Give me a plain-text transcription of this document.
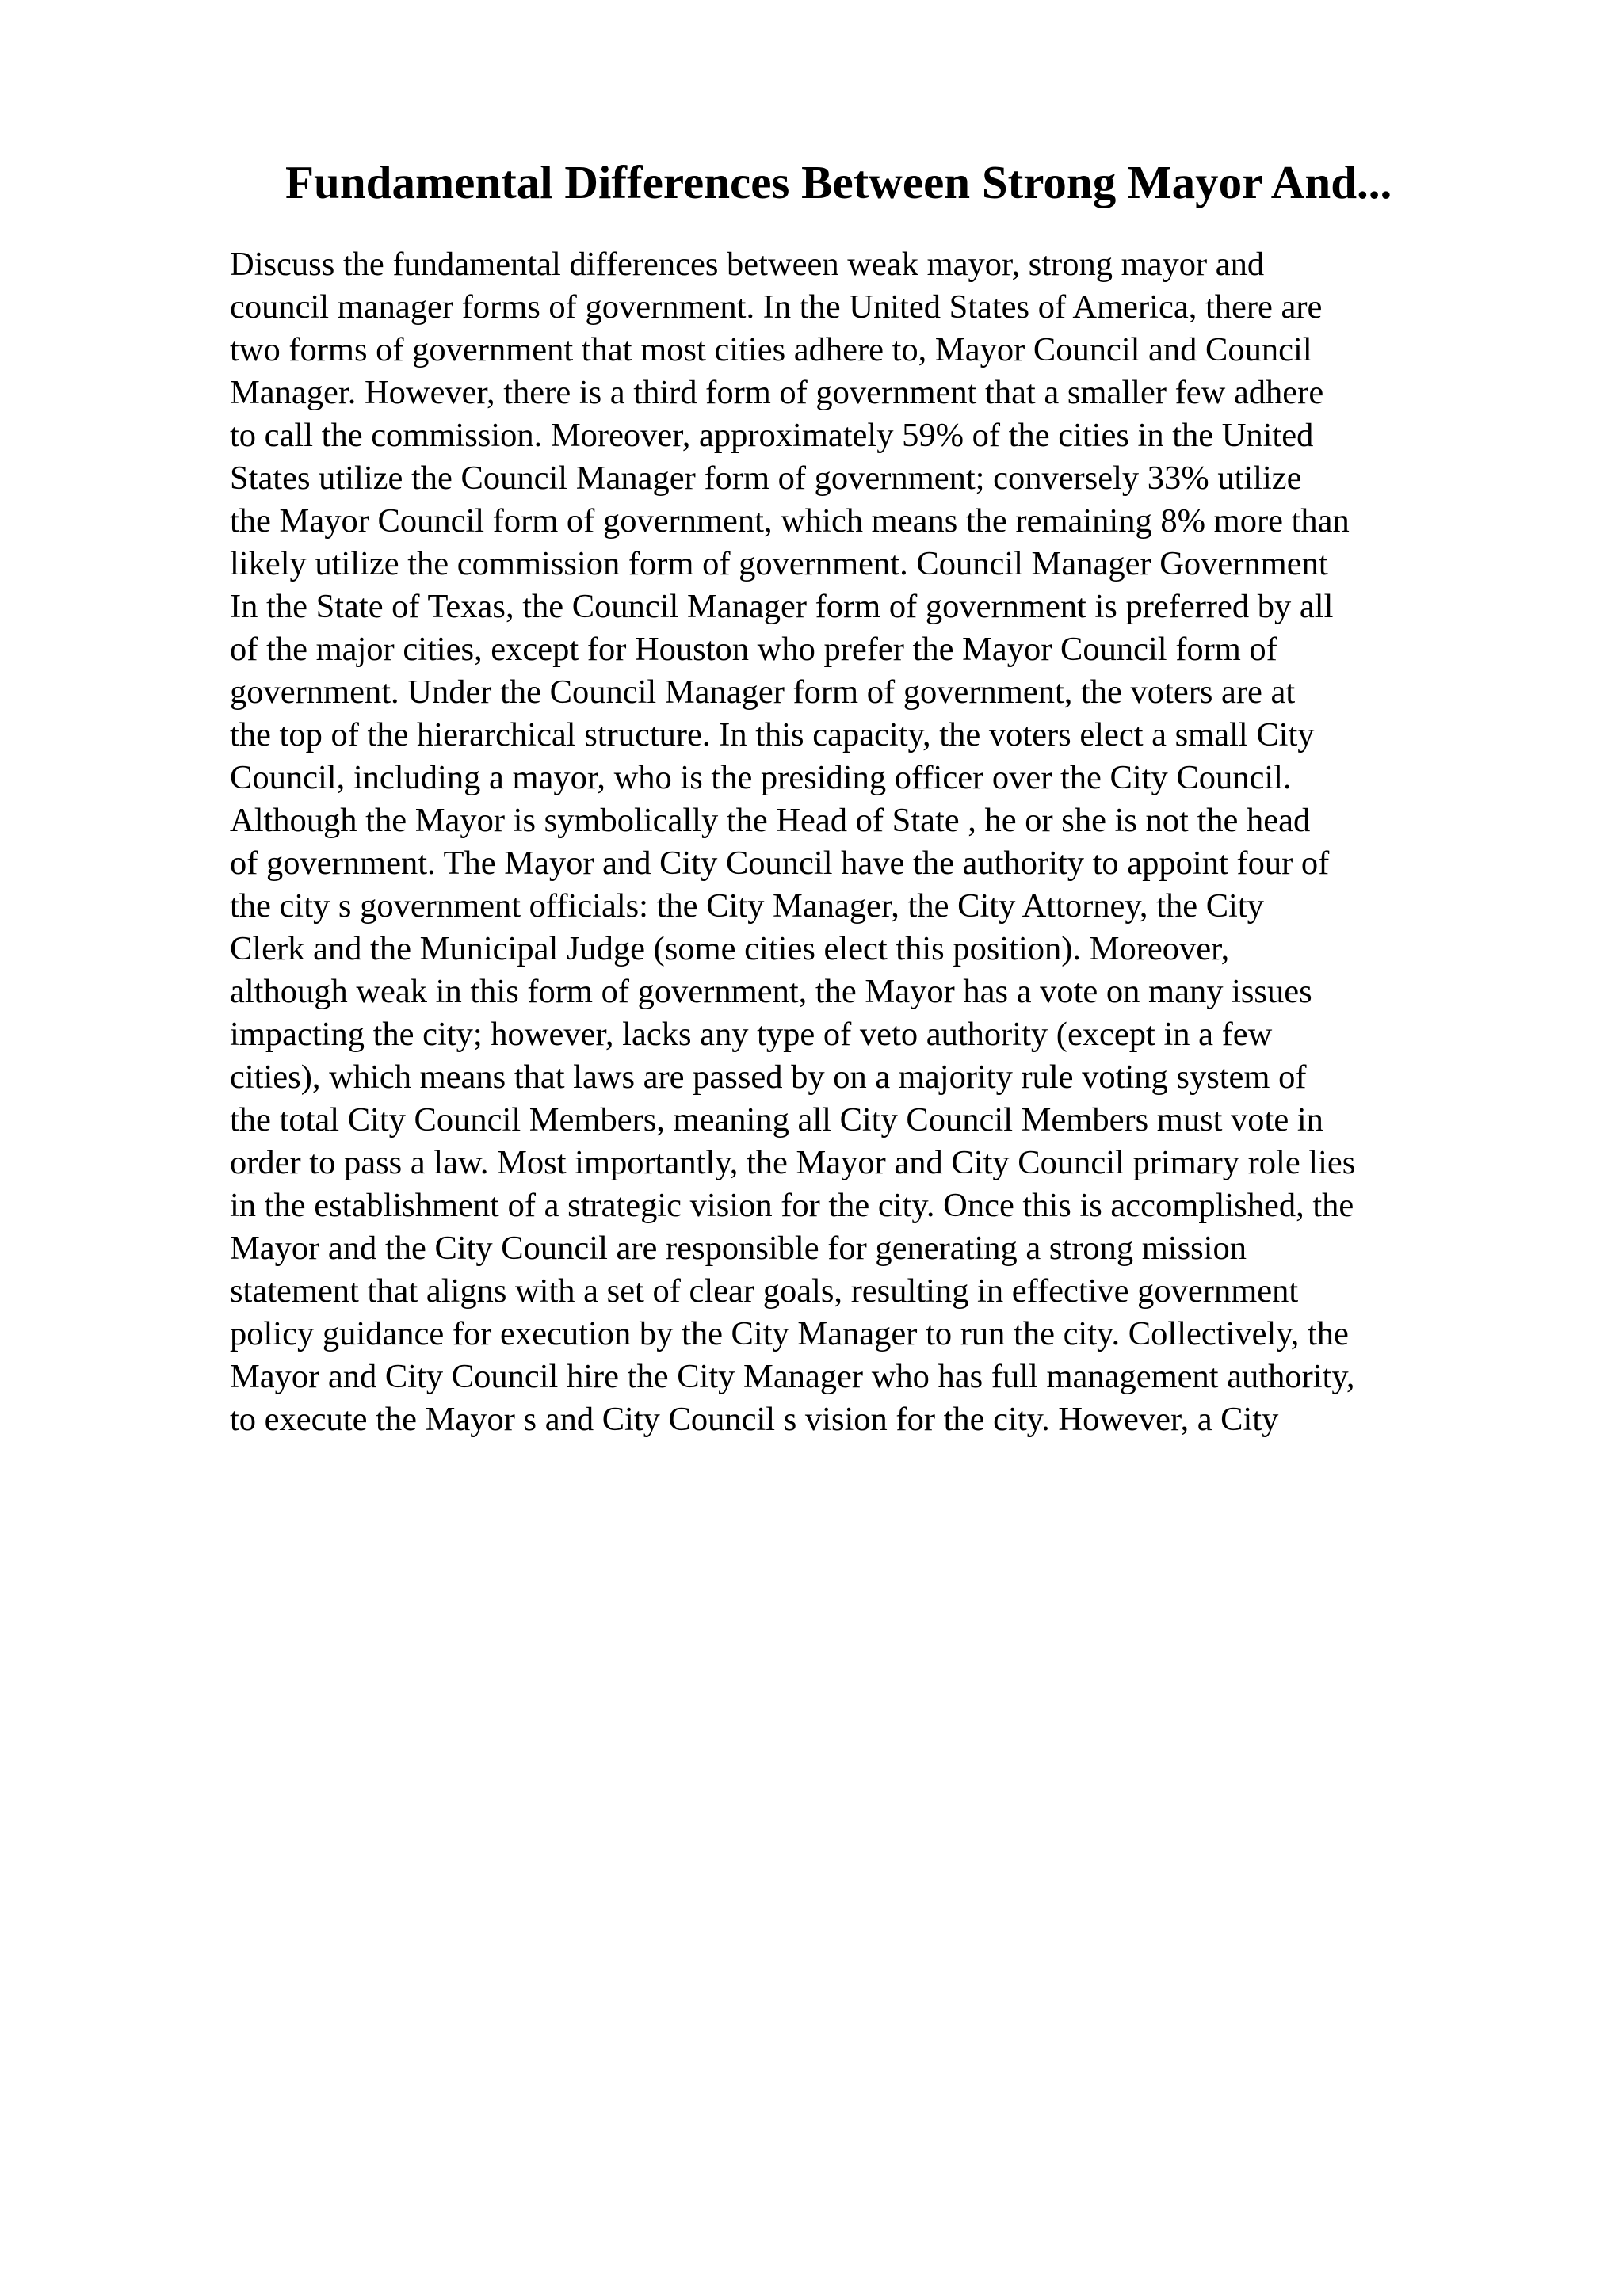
Fundamental Differences Between Strong Mayor And...
Discuss the fundamental differences between weak mayor, strong mayor and
council manager forms of government. In the United States of America, there are
two forms of government that most cities adhere to, Mayor Council and Council
Manager. However, there is a third form of government that a smaller few adhere
to call the commission. Moreover, approximately 59% of the cities in the United
States utilize the Council Manager form of government; conversely 33% utilize
the Mayor Council form of government, which means the remaining 8% more than
likely utilize the commission form of government. Council Manager Government
In the State of Texas, the Council Manager form of government is preferred by all
of the major cities, except for Houston who prefer the Mayor Council form of
government. Under the Council Manager form of government, the voters are at
the top of the hierarchical structure. In this capacity, the voters elect a small City
Council, including a mayor, who is the presiding officer over the City Council.
Although the Mayor is symbolically the Head of State , he or she is not the head
of government. The Mayor and City Council have the authority to appoint four of
the city s government officials: the City Manager, the City Attorney, the City
Clerk and the Municipal Judge (some cities elect this position). Moreover,
although weak in this form of government, the Mayor has a vote on many issues
impacting the city; however, lacks any type of veto authority (except in a few
cities), which means that laws are passed by on a majority rule voting system of
the total City Council Members, meaning all City Council Members must vote in
order to pass a law. Most importantly, the Mayor and City Council primary role lies
in the establishment of a strategic vision for the city. Once this is accomplished, the
Mayor and the City Council are responsible for generating a strong mission
statement that aligns with a set of clear goals, resulting in effective government
policy guidance for execution by the City Manager to run the city. Collectively, the
Mayor and City Council hire the City Manager who has full management authority,
to execute the Mayor s and City Council s vision for the city. However, a City
